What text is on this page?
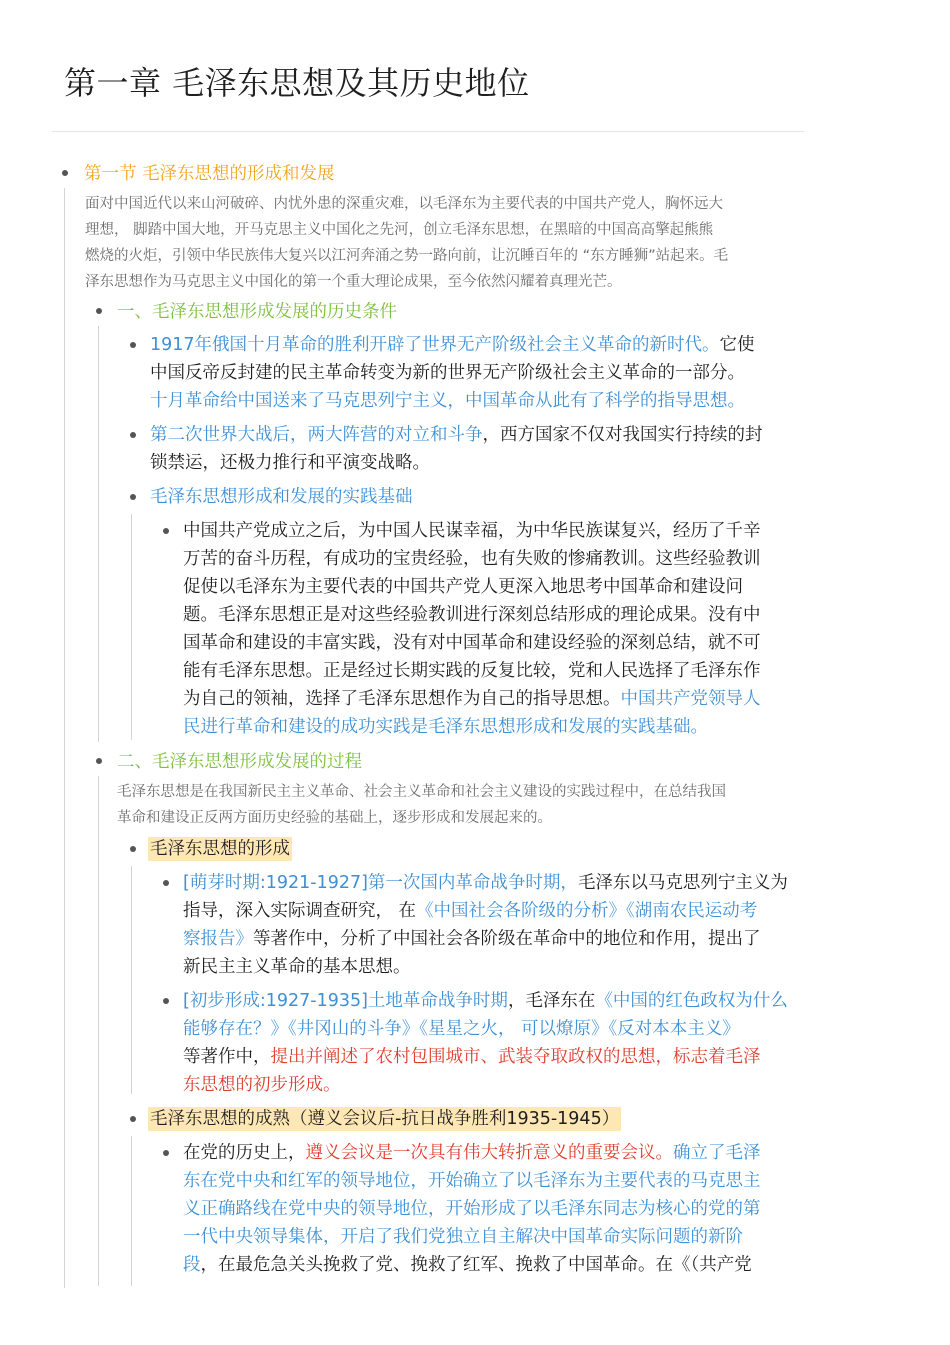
第一章 毛泽东思想及其历史地位
第一节 毛泽东思想的形成和发展
面对中国近代以来山河破碎、内忧外患的深重灾难，以毛泽东为主要代表的中国共产党人，胸怀远大
理想， 脚踏中国大地，开马克思主义中国化之先河，创立毛泽东思想，在黑暗的中国高高擎起熊熊
燃烧的火炬，引领中华民族伟大复兴以江河奔涌之势一路向前，让沉睡百年的 “东方睡狮”站起来。毛
泽东思想作为马克思主义中国化的第一个重大理论成果，至今依然闪耀着真理光芒。
一、毛泽东思想形成发展的历史条件
1917年俄国十月革命的胜利开辟了世界无产阶级社会主义革命的新时代。它使
中国反帝反封建的民主革命转变为新的世界无产阶级社会主义革命的一部分。
十月革命给中国送来了马克思列宁主义，中国革命从此有了科学的指导思想。
第二次世界大战后，两大阵营的对立和斗争，西方国家不仅对我国实行持续的封
锁禁运，还极力推行和平演变战略。
毛泽东思想形成和发展的实践基础
中国共产党成立之后，为中国人民谋幸福，为中华民族谋复兴，经历了千辛
万苦的奋斗历程，有成功的宝贵经验，也有失败的惨痛教训。这些经验教训
促使以毛泽东为主要代表的中国共产党人更深入地思考中国革命和建设问
题。毛泽东思想正是对这些经验教训进行深刻总结形成的理论成果。没有中
国革命和建设的丰富实践，没有对中国革命和建设经验的深刻总结，就不可
能有毛泽东思想。正是经过长期实践的反复比较，党和人民选择了毛泽东作
为自己的领袖，选择了毛泽东思想作为自己的指导思想。中国共产党领导人
民进行革命和建设的成功实践是毛泽东思想形成和发展的实践基础。
二、毛泽东思想形成发展的过程
毛泽东思想是在我国新民主主义革命、社会主义革命和社会主义建设的实践过程中，在总结我国
革命和建设正反两方面历史经验的基础上，逐步形成和发展起来的。
毛泽东思想的形成
[萌芽时期:1921-1927]第一次国内革命战争时期，毛泽东以马克思列宁主义为
指导，深入实际调查研究， 在《中国社会各阶级的分析》《湖南农民运动考
察报告》等著作中，分析了中国社会各阶级在革命中的地位和作用，提出了
新民主主义革命的基本思想。
[初步形成:1927-1935]土地革命战争时期，毛泽东在《中国的红色政权为什么
能够存在？》《井冈山的斗争》《星星之火， 可以燎原》《反对本本主义》
等著作中，提出并阐述了农村包围城市、武装夺取政权的思想，标志着毛泽
东思想的初步形成。
毛泽东思想的成熟（遵义会议后-抗日战争胜利1935-1945）
在党的历史上，遵义会议是一次具有伟大转折意义的重要会议。确立了毛泽
东在党中央和红军的领导地位，开始确立了以毛泽东为主要代表的马克思主
义正确路线在党中央的领导地位，开始形成了以毛泽东同志为核心的党的第
一代中央领导集体，开启了我们党独立自主解决中国革命实际问题的新阶
段，在最危急关头挽救了党、挽救了红军、挽救了中国革命。在《（共产党
